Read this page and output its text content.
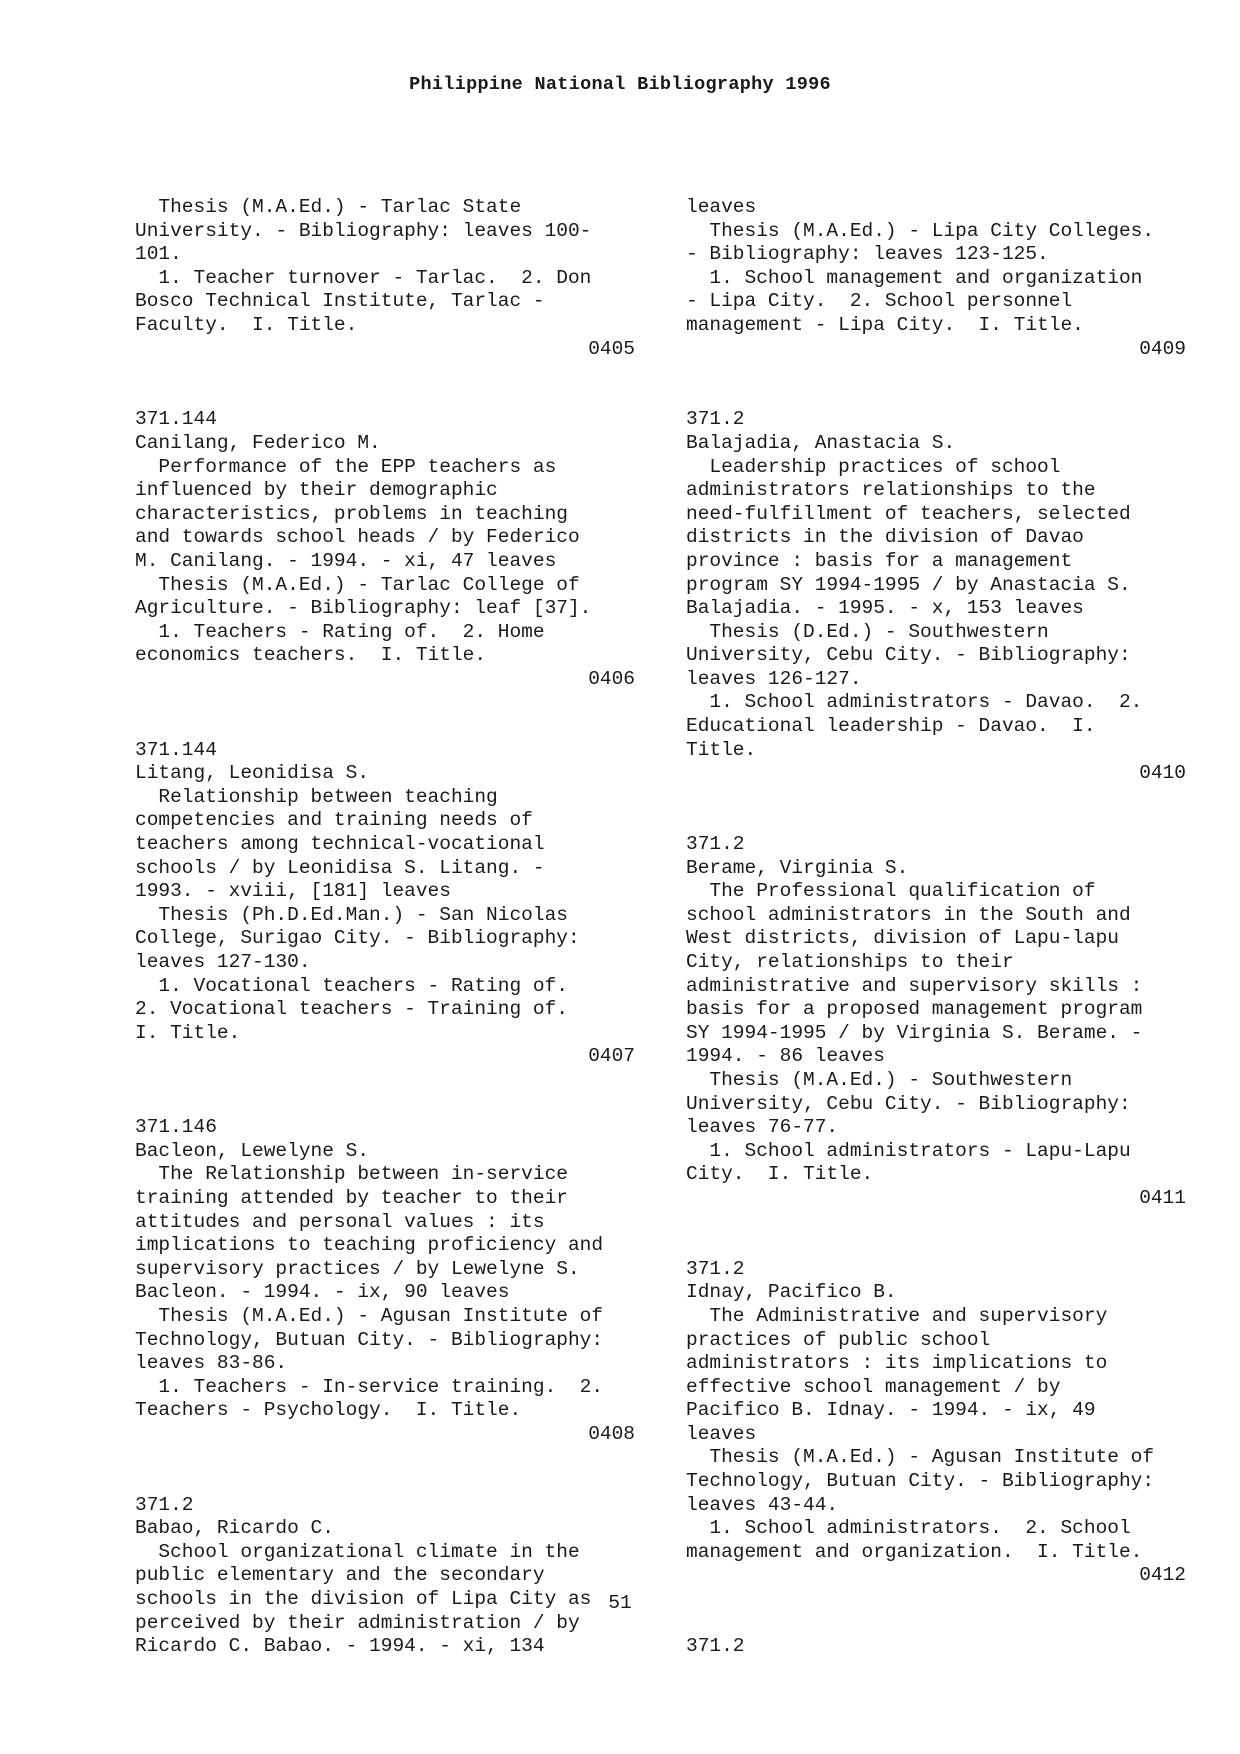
Philippine National Bibliography 1996
Thesis (M.A.Ed.) - Tarlac State
University. - Bibliography: leaves 100-
101.
1. Teacher turnover - Tarlac.  2. Don
Bosco Technical Institute, Tarlac -
Faculty.  I. Title.
0405
371.144
Canilang, Federico M.
Performance of the EPP teachers as
influenced by their demographic
characteristics, problems in teaching
and towards school heads / by Federico
M. Canilang. - 1994. - xi, 47 leaves
Thesis (M.A.Ed.) - Tarlac College of
Agriculture. - Bibliography: leaf [37].
1. Teachers - Rating of.  2. Home
economics teachers.  I. Title.
0406
371.144
Litang, Leonidisa S.
Relationship between teaching
competencies and training needs of
teachers among technical-vocational
schools / by Leonidisa S. Litang. -
1993. - xviii, [181] leaves
Thesis (Ph.D.Ed.Man.) - San Nicolas
College, Surigao City. - Bibliography:
leaves 127-130.
1. Vocational teachers - Rating of.
2. Vocational teachers - Training of.
I. Title.
0407
371.146
Bacleon, Lewelyne S.
The Relationship between in-service
training attended by teacher to their
attitudes and personal values : its
implications to teaching proficiency and
supervisory practices / by Lewelyne S.
Bacleon. - 1994. - ix, 90 leaves
Thesis (M.A.Ed.) - Agusan Institute of
Technology, Butuan City. - Bibliography:
leaves 83-86.
1. Teachers - In-service training.  2.
Teachers - Psychology.  I. Title.
0408
371.2
Babao, Ricardo C.
School organizational climate in the
public elementary and the secondary
schools in the division of Lipa City as
perceived by their administration / by
Ricardo C. Babao. - 1994. - xi, 134
leaves
Thesis (M.A.Ed.) - Lipa City Colleges.
- Bibliography: leaves 123-125.
1. School management and organization
- Lipa City.  2. School personnel
management - Lipa City.  I. Title.
0409
371.2
Balajadia, Anastacia S.
Leadership practices of school
administrators relationships to the
need-fulfillment of teachers, selected
districts in the division of Davao
province : basis for a management
program SY 1994-1995 / by Anastacia S.
Balajadia. - 1995. - x, 153 leaves
Thesis (D.Ed.) - Southwestern
University, Cebu City. - Bibliography:
leaves 126-127.
1. School administrators - Davao.  2.
Educational leadership - Davao.  I.
Title.
0410
371.2
Berame, Virginia S.
The Professional qualification of
school administrators in the South and
West districts, division of Lapu-lapu
City, relationships to their
administrative and supervisory skills :
basis for a proposed management program
SY 1994-1995 / by Virginia S. Berame. -
1994. - 86 leaves
Thesis (M.A.Ed.) - Southwestern
University, Cebu City. - Bibliography:
leaves 76-77.
1. School administrators - Lapu-Lapu
City.  I. Title.
0411
371.2
Idnay, Pacifico B.
The Administrative and supervisory
practices of public school
administrators : its implications to
effective school management / by
Pacifico B. Idnay. - 1994. - ix, 49
leaves
Thesis (M.A.Ed.) - Agusan Institute of
Technology, Butuan City. - Bibliography:
leaves 43-44.
1. School administrators.  2. School
management and organization.  I. Title.
0412
371.2
51
